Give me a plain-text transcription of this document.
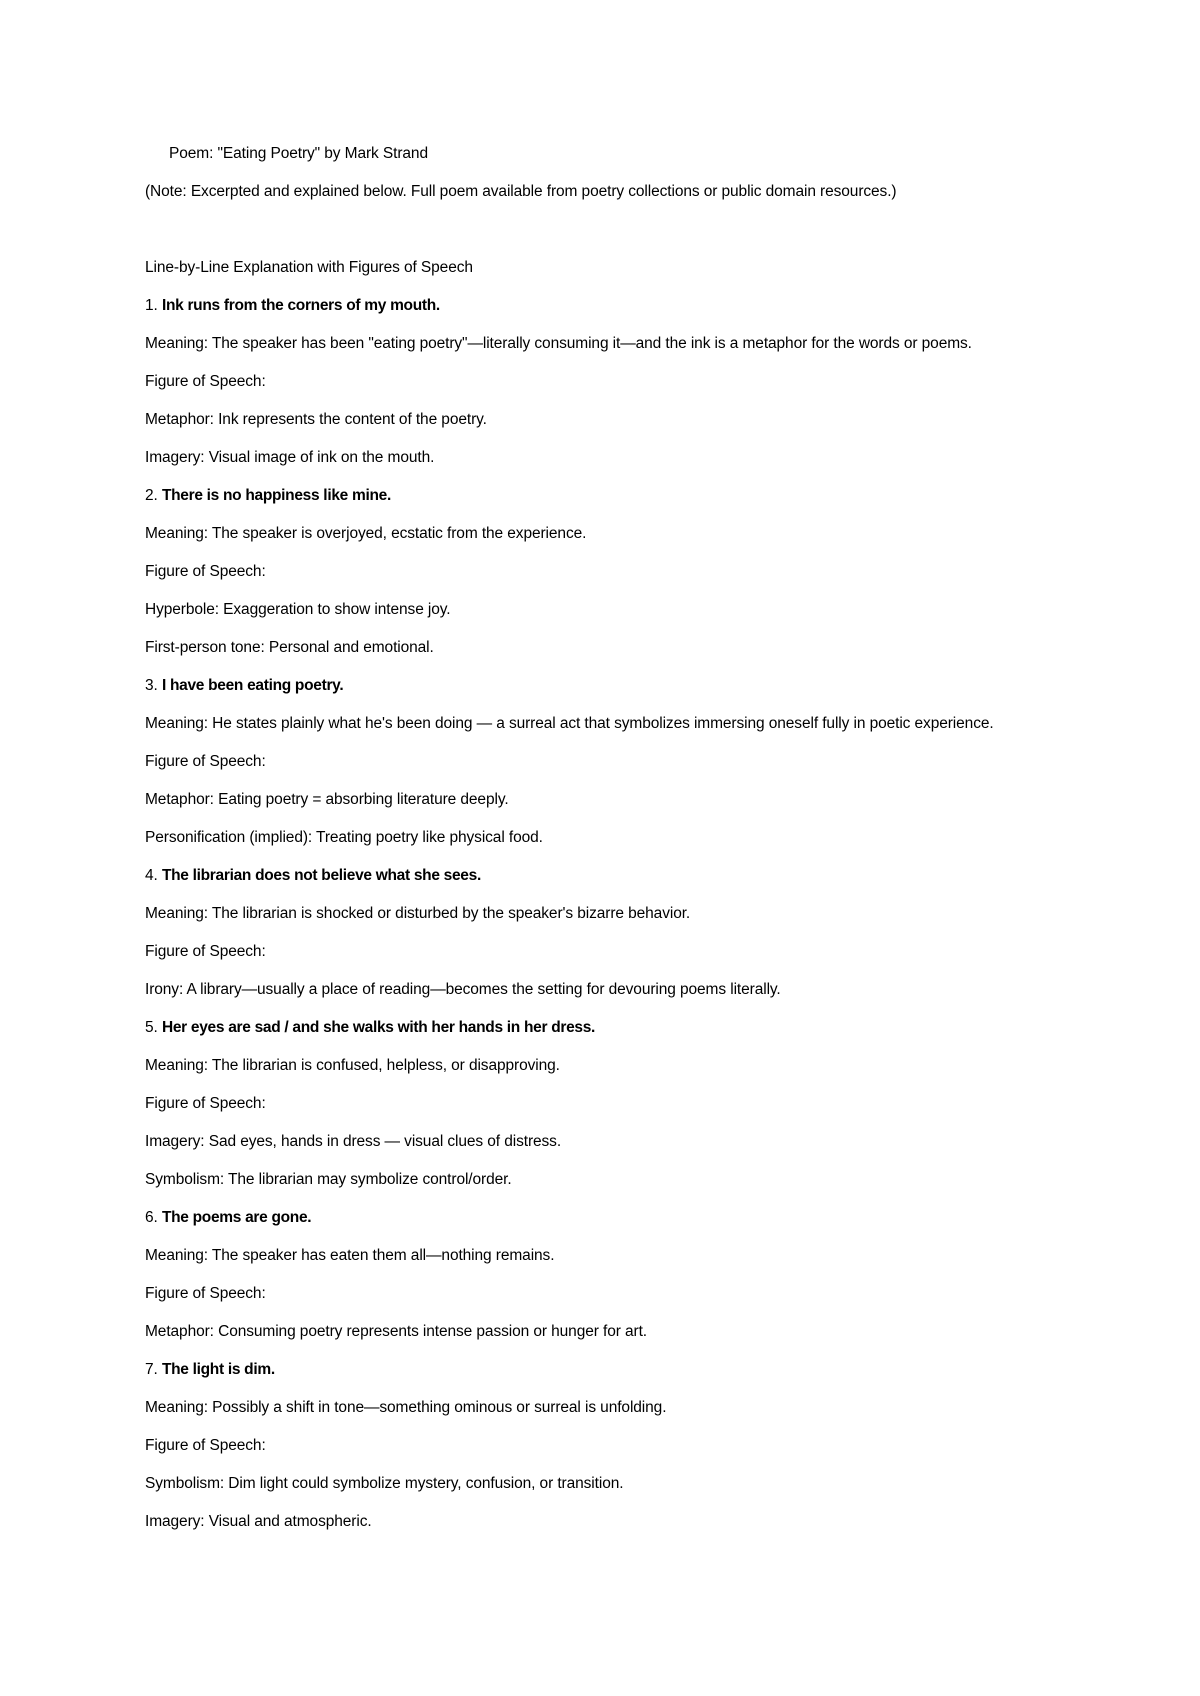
Poem: "Eating Poetry" by Mark Strand
(Note: Excerpted and explained below. Full poem available from poetry collections or public domain resources.)
Line-by-Line Explanation with Figures of Speech
1. Ink runs from the corners of my mouth.
Meaning: The speaker has been "eating poetry"—literally consuming it—and the ink is a metaphor for the words or poems.
Figure of Speech:
Metaphor: Ink represents the content of the poetry.
Imagery: Visual image of ink on the mouth.
2. There is no happiness like mine.
Meaning: The speaker is overjoyed, ecstatic from the experience.
Figure of Speech:
Hyperbole: Exaggeration to show intense joy.
First-person tone: Personal and emotional.
3. I have been eating poetry.
Meaning: He states plainly what he's been doing — a surreal act that symbolizes immersing oneself fully in poetic experience.
Figure of Speech:
Metaphor: Eating poetry = absorbing literature deeply.
Personification (implied): Treating poetry like physical food.
4. The librarian does not believe what she sees.
Meaning: The librarian is shocked or disturbed by the speaker's bizarre behavior.
Figure of Speech:
Irony: A library—usually a place of reading—becomes the setting for devouring poems literally.
5. Her eyes are sad / and she walks with her hands in her dress.
Meaning: The librarian is confused, helpless, or disapproving.
Figure of Speech:
Imagery: Sad eyes, hands in dress — visual clues of distress.
Symbolism: The librarian may symbolize control/order.
6. The poems are gone.
Meaning: The speaker has eaten them all—nothing remains.
Figure of Speech:
Metaphor: Consuming poetry represents intense passion or hunger for art.
7. The light is dim.
Meaning: Possibly a shift in tone—something ominous or surreal is unfolding.
Figure of Speech:
Symbolism: Dim light could symbolize mystery, confusion, or transition.
Imagery: Visual and atmospheric.
